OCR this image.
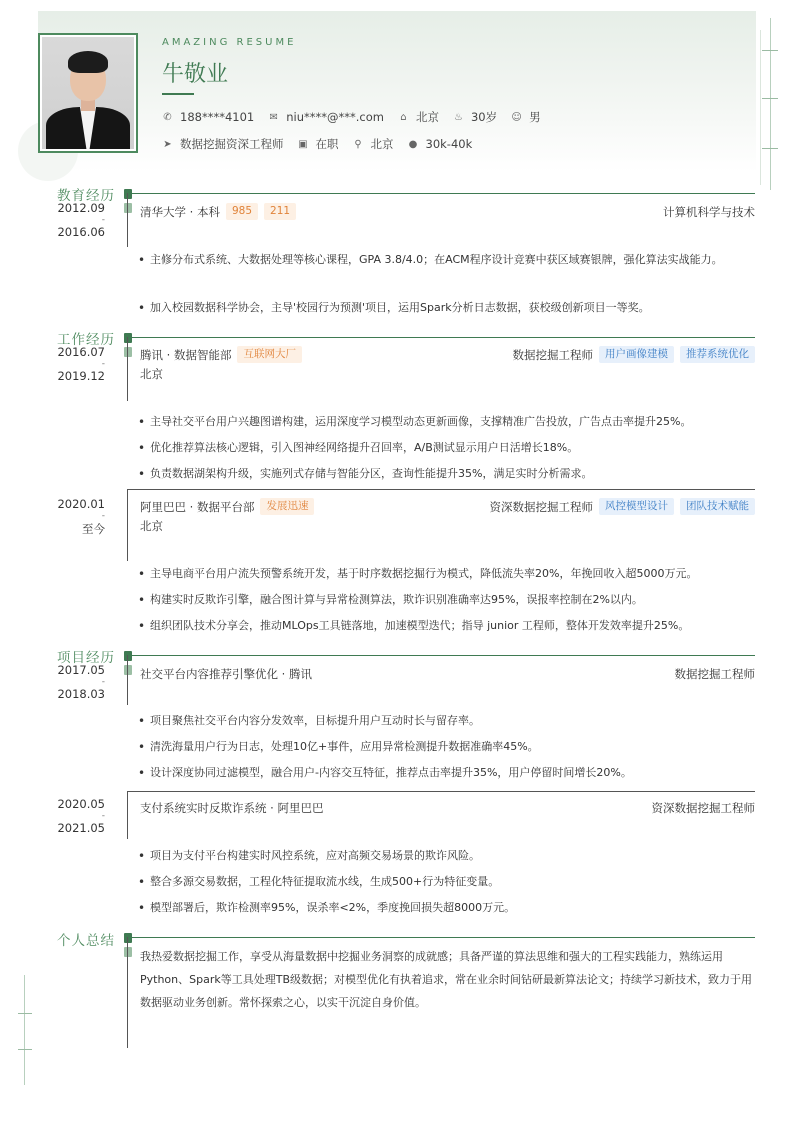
AMAZING RESUME
牛敬业
✆ 188****4101 ✉ niu****@***.com ⌂ 北京 ♨ 30岁 ☺ 男
➤ 数据挖掘资深工程师 ▣ 在职 ⚲ 北京 ● 30k-40k
教育经历
2012.09
-
2016.06
清华大学 · 本科	985	211	计算机科学与技术
• 主修分布式系统、大数据处理等核心课程，GPA 3.8/4.0；在ACM程序设计竞赛中获区域赛银牌，强化算法实战能力。
• 加入校园数据科学协会，主导'校园行为预测'项目，运用Spark分析日志数据，获校级创新项目一等奖。
工作经历
2016.07
-
2019.12
腾讯 · 数据智能部	互联网大厂	数据挖掘工程师	用户画像建模	推荐系统优化
北京
• 主导社交平台用户兴趣图谱构建，运用深度学习模型动态更新画像，支撑精准广告投放，广告点击率提升25%。
• 优化推荐算法核心逻辑，引入图神经网络提升召回率，A/B测试显示用户日活增长18%。
• 负责数据湖架构升级，实施列式存储与智能分区，查询性能提升35%，满足实时分析需求。
2020.01
-
至今
阿里巴巴 · 数据平台部	发展迅速	资深数据挖掘工程师	风控模型设计	团队技术赋能
北京
• 主导电商平台用户流失预警系统开发，基于时序数据挖掘行为模式，降低流失率20%，年挽回收入超5000万元。
• 构建实时反欺诈引擎，融合图计算与异常检测算法，欺诈识别准确率达95%，误报率控制在2%以内。
• 组织团队技术分享会，推动MLOps工具链落地，加速模型迭代；指导 junior 工程师，整体开发效率提升25%。
项目经历
2017.05
-
2018.03
社交平台内容推荐引擎优化 · 腾讯	数据挖掘工程师
• 项目聚焦社交平台内容分发效率，目标提升用户互动时长与留存率。
• 清洗海量用户行为日志，处理10亿+事件，应用异常检测提升数据准确率45%。
• 设计深度协同过滤模型，融合用户-内容交互特征，推荐点击率提升35%，用户停留时间增长20%。
2020.05
-
2021.05
支付系统实时反欺诈系统 · 阿里巴巴	资深数据挖掘工程师
• 项目为支付平台构建实时风控系统，应对高频交易场景的欺诈风险。
• 整合多源交易数据，工程化特征提取流水线，生成500+行为特征变量。
• 模型部署后，欺诈检测率95%，误杀率<2%，季度挽回损失超8000万元。
个人总结
我热爱数据挖掘工作，享受从海量数据中挖掘业务洞察的成就感；具备严谨的算法思维和强大的工程实践能力，熟练运用Python、Spark等工具处理TB级数据；对模型优化有执着追求，常在业余时间钻研最新算法论文；持续学习新技术，致力于用数据驱动业务创新。常怀探索之心，以实干沉淀自身价值。
